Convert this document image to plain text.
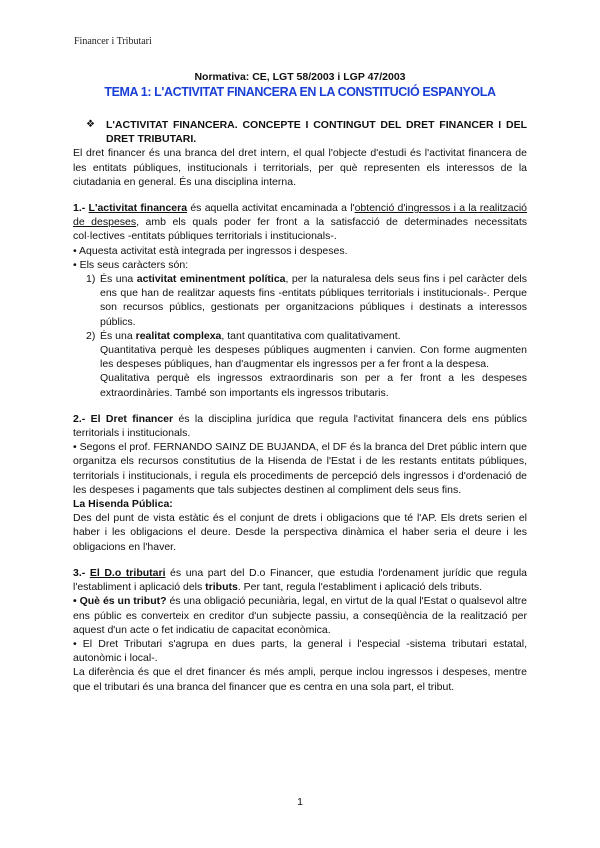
Financer i Tributari

Normativa: CE, LGT 58/2003 i LGP 47/2003

TEMA 1: L'ACTIVITAT FINANCERA EN LA CONSTITUCIÓ ESPANYOLA

❖ L'ACTIVITAT FINANCERA. CONCEPTE I CONTINGUT DEL DRET FINANCER I DEL DRET TRIBUTARI.

El dret financer és una branca del dret intern, el qual l'objecte d'estudi és l'activitat financera de les entitats públiques, institucionals i territorials, per què representen els interessos de la ciutadania en general. És una disciplina interna.

1.- L'activitat financera és aquella activitat encaminada a l'obtenció d'ingressos i a la realització de despeses, amb els quals poder fer front a la satisfacció de determinades necessitats col·lectives -entitats públiques territorials i institucionals-.

• Aquesta activitat està integrada per ingressos i despeses.

• Els seus caràcters són:

1) És una activitat eminentment política, per la naturalesa dels seus fins i pel caràcter dels ens que han de realitzar aquests fins -entitats públiques territorials i institucionals-. Perque son recursos públics, gestionats per organitzacions públiques i destinats a interessos públics.

2) És una realitat complexa, tant quantitativa com qualitativament.

Quantitativa perquè les despeses públiques augmenten i canvien. Con forme augmenten les despeses públiques, han d'augmentar els ingressos per a fer front a la despesa.

Qualitativa perquè els ingressos extraordinaris son per a fer front a les despeses extraordinàries. També son importants els ingressos tributaris.

2.- El Dret financer és la disciplina jurídica que regula l'activitat financera dels ens públics territorials i institucionals.

• Segons el prof. FERNANDO SAINZ DE BUJANDA, el DF és la branca del Dret públic intern que organitza els recursos constitutius de la Hisenda de l'Estat i de les restants entitats públiques, territorials i institucionals, i regula els procediments de percepció dels ingressos i d'ordenació de les despeses i pagaments que tals subjectes destinen al compliment dels seus fins.

La Hisenda Pública:

Des del punt de vista estàtic és el conjunt de drets i obligacions que té l'AP. Els drets serien el haber i les obligacions el deure. Desde la perspectiva dinàmica el haber seria el deure i les obligacions en l'haver.

3.- El D.o tributari és una part del D.o Financer, que estudia l'ordenament jurídic que regula l'establiment i aplicació dels tributs. Per tant, regula l'establiment i aplicació dels tributs.

• Què és un tribut? és una obligació pecuniària, legal, en virtut de la qual l'Estat o qualsevol altre ens públic es converteix en creditor d'un subjecte passiu, a conseqüència de la realització per aquest d'un acte o fet indicatiu de capacitat econòmica.

• El Dret Tributari s'agrupa en dues parts, la general i l'especial -sistema tributari estatal, autonòmic i local-.

La diferència és que el dret financer és més ampli, perque inclou ingressos i despeses, mentre que el tributari és una branca del financer que es centra en una sola part, el tribut.

1
